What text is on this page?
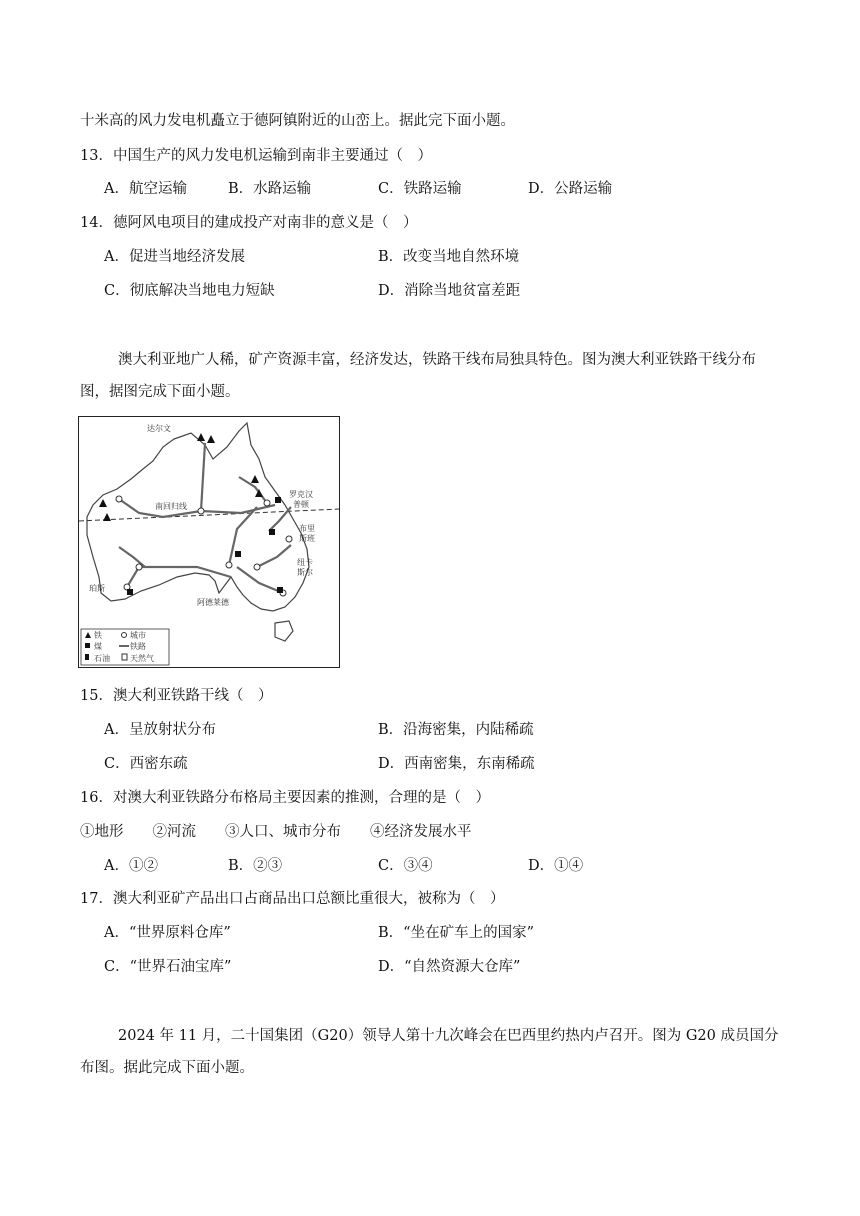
十米高的风力发电机矗立于德阿镇附近的山峦上。据此完下面小题。
13．中国生产的风力发电机运输到南非主要通过（　）
A．航空运输	B．水路运输	C．铁路运输	D．公路运输
14．德阿风电项目的建成投产对南非的意义是（　）
A．促进当地经济发展	B．改变当地自然环境
C．彻底解决当地电力短缺	D．消除当地贫富差距
澳大利亚地广人稀，矿产资源丰富，经济发达，铁路干线布局独具特色。图为澳大利亚铁路干线分布
图，据图完成下面小题。
达尔文
罗克汉
普顿
南回归线
布里
斯班
纽卡
斯尔
珀斯
阿德莱德
铁	城市
煤	铁路
石油	天然气
15．澳大利亚铁路干线（　）
A．呈放射状分布	B．沿海密集，内陆稀疏
C．西密东疏	D．西南密集，东南稀疏
16．对澳大利亚铁路分布格局主要因素的推测，合理的是（　）
①地形　　②河流　　③人口、城市分布　　④经济发展水平
A．①②	B．②③	C．③④	D．①④
17．澳大利亚矿产品出口占商品出口总额比重很大，被称为（　）
A．“世界原料仓库”	B．“坐在矿车上的国家”
C．“世界石油宝库”	D．“自然资源大仓库”
2024 年 11 月，二十国集团（G20）领导人第十九次峰会在巴西里约热内卢召开。图为 G20 成员国分
布图。据此完成下面小题。
